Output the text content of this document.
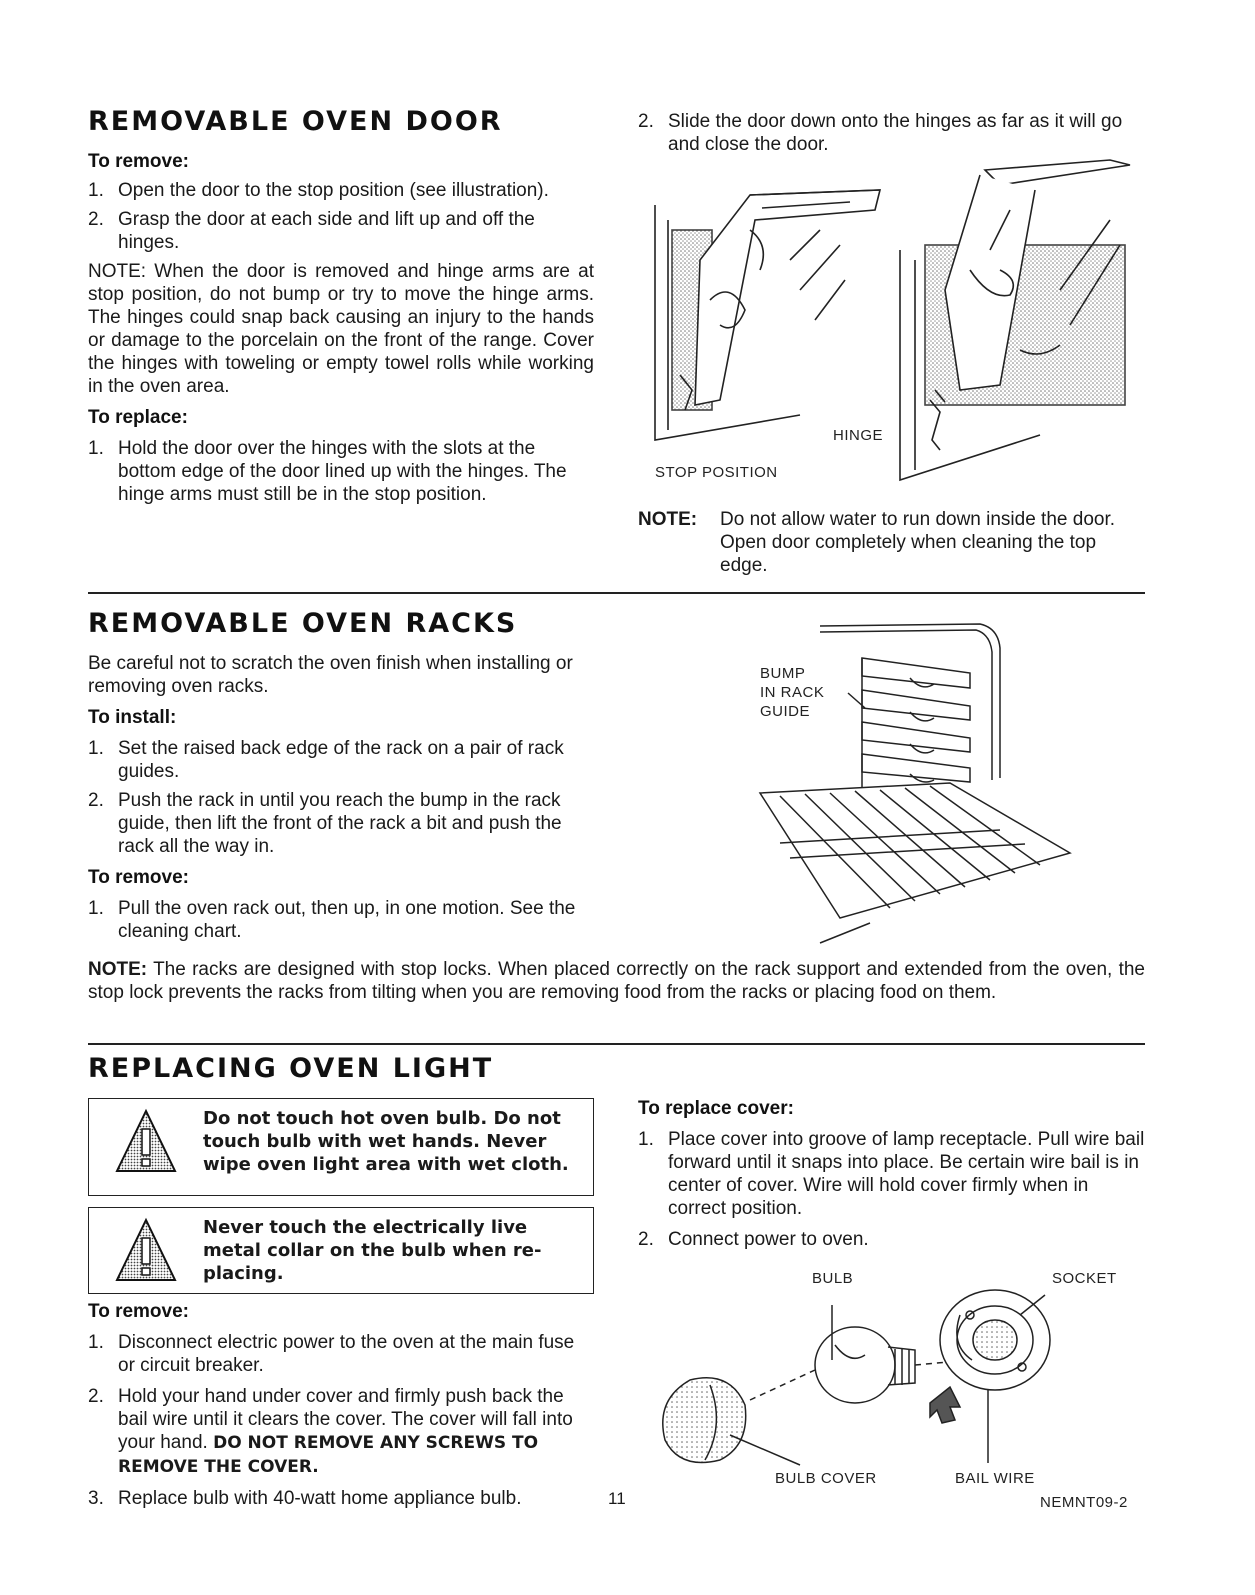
REMOVABLE OVEN DOOR

To remove:

1. Open the door to the stop position (see illustration).
2. Grasp the door at each side and lift up and off the hinges.

NOTE: When the door is removed and hinge arms are at stop position, do not bump or try to move the hinge arms. The hinges could snap back causing an injury to the hands or damage to the porcelain on the front of the range. Cover the hinges with toweling or empty towel rolls while working in the oven area.

To replace:

1. Hold the door over the hinges with the slots at the bottom edge of the door lined up with the hinges. The hinge arms must still be in the stop position.
2. Slide the door down onto the hinges as far as it will go and close the door.
HINGE
STOP POSITION
NOTE:	Do not allow water to run down inside the door. Open door completely when cleaning the top edge.

REMOVABLE OVEN RACKS

Be careful not to scratch the oven finish when installing or removing oven racks.

To install:

1. Set the raised back edge of the rack on a pair of rack guides.
2. Push the rack in until you reach the bump in the rack guide, then lift the front of the rack a bit and push the rack all the way in.

To remove:

1. Pull the oven rack out, then up, in one motion. See the cleaning chart.
BUMP
IN RACK
GUIDE
NOTE: The racks are designed with stop locks. When placed correctly on the rack support and extended from the oven, the stop lock prevents the racks from tilting when you are removing food from the racks or placing food on them.
REPLACING OVEN LIGHT

Do not touch hot oven bulb. Do not touch bulb with wet hands. Never wipe oven light area with wet cloth.

Never touch the electrically live metal collar on the bulb when re-placing.

To remove:

1. Disconnect electric power to the oven at the main fuse or circuit breaker.
2. Hold your hand under cover and firmly push back the bail wire until it clears the cover. The cover will fall into your hand. DO NOT REMOVE ANY SCREWS TO REMOVE THE COVER.
3. Replace bulb with 40-watt home appliance bulb.

To replace cover:

1. Place cover into groove of lamp receptacle. Pull wire bail forward until it snaps into place. Be certain wire bail is in center of cover. Wire will hold cover firmly when in correct position.
2. Connect power to oven.
BULB	SOCKET
BULB COVER	BAIL WIRE
11	NEMNT09-2
